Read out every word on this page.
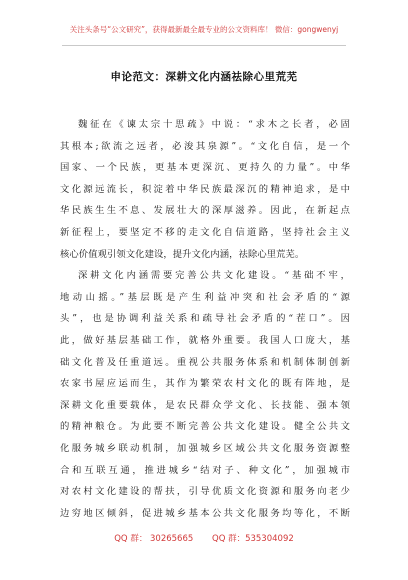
关注头条号“公文研究”，获得最新最全最专业的公文资料库！ 微信：gongwenyj
申论范文：深耕文化内涵祛除心里荒芜
魏征在《谏太宗十思疏》中说：“求木之长者，必固
其根本;欲流之远者，必浚其泉源”。“文化自信，是一个
国家、一个民族，更基本更深沉、更持久的力量”。中华
文化源远流长，积淀着中华民族最深沉的精神追求，是中
华民族生生不息、发展壮大的深厚滋养。因此，在新起点
新征程上，要坚定不移的走文化自信道路，坚持社会主义
核心价值观引领文化建设，提升文化内涵，祛除心里荒芜。
深耕文化内涵需要完善公共文化建设。“基础不牢，
地动山摇。”基层既是产生利益冲突和社会矛盾的“源
头”，也是协调利益关系和疏导社会矛盾的“茬口”。因
此，做好基层基础工作，就格外重要。我国人口庞大，基
础文化普及任重道远。重视公共服务体系和机制体制创新
农家书屋应运而生，其作为繁荣农村文化的既有阵地，是
深耕文化重要载体，是农民群众学文化、长技能、强本领
的精神粮仓。为此要不断完善公共文化建设。健全公共文
化服务城乡联动机制，加强城乡区域公共文化服务资源整
合和互联互通，推进城乡“结对子、种文化”，加强城市
对农村文化建设的帮扶，引导优质文化资源和服务向老少
边穷地区倾斜，促进城乡基本公共文化服务均等化，不断
QQ 群： 30265665 QQ 群：535304092
